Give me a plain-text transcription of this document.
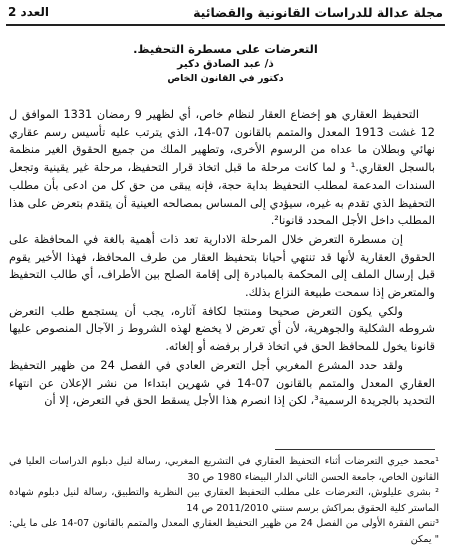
مجلة عدالة للدراسات القانونية والقضائية
العدد 2
التعرضات على مسطرة التحفيظ.
ذ/ عبد الصادق دكير
دكتور في القانون الخاص

التحفيظ العقاري هو إخضاع العقار لنظام خاص، أي لظهير 9 رمضان 1331 الموافق ل 12 غشت 1913 المعدل والمتمم بالقانون 07-14، الذي يترتب عليه تأسيس رسم عقاري نهائي وبطلان ما عداه من الرسوم الأخرى، وتطهير الملك من جميع الحقوق الغير منظمة بالسجل العقاري.¹ و لما كانت مرحلة ما قبل اتخاذ قرار التحفيظ، مرحلة غير يقينية وتجعل السندات المدعمة لمطلب التحفيظ بداية حجة، فإنه يبقى من حق كل من ادعى بأن مطلب التحفيظ الذي تقدم به غيره، سيؤدي إلى المساس بمصالحه العينية أن يتقدم بتعرض على هذا المطلب داخل الأجل المحدد قانونا².

إن مسطرة التعرض خلال المرحلة الادارية تعد ذات أهمية بالغة في المحافظة على الحقوق العقارية لأنها قد تنتهي أحيانا بتحفيظ العقار من طرف المحافظ، فهذا الأخير يقوم قبل إرسال الملف إلى المحكمة بالمبادرة إلى إقامة الصلح بين الأطراف، أي طالب التحفيظ والمتعرض إذا سمحت طبيعة النزاع بذلك.

ولكي يكون التعرض صحيحا ومنتجا لكافة آثاره، يجب أن يستجمع طلب التعرض شروطه الشكلية والجوهرية، لأن أي تعرض لا يخضع لهذه الشروط ز الآجال المنصوص عليها قانونا يخول للمحافظ الحق في اتخاذ قرار برفضه أو إلغائه.

ولقد حدد المشرع المغربي أجل التعرض العادي في الفصل 24 من ظهير التحفيظ العقاري المعدل والمتمم بالقانون 07-14 في شهرين ابتداءا من نشر الإعلان عن انتهاء التحديد بالجريدة الرسمية³، لكن إذا انصرم هذا الأجل يسقط الحق في التعرض، إلا أن

¹محمد خيري التعرضات أثناء التحفيظ العقاري في التشريع المغربي، رسالة لنيل دبلوم الدراسات العليا في القانون الخاص، جامعة الحسن الثاني الدار البيضاء 1980 ص 30

² بشرى عليلوش، التعرضات على مطلب التحفيظ العقاري بين النظرية والتطبيق، رسالة لنيل دبلوم شهادة الماستر كلية الحقوق بمراكش برسم سنتي 2011/2010 ص 14

³تنص الفقرة الأولى من الفصل 24 من ظهير التحفيظ العقاري المعدل والمتمم بالقانون 07-14 على ما يلي: " يمكن
